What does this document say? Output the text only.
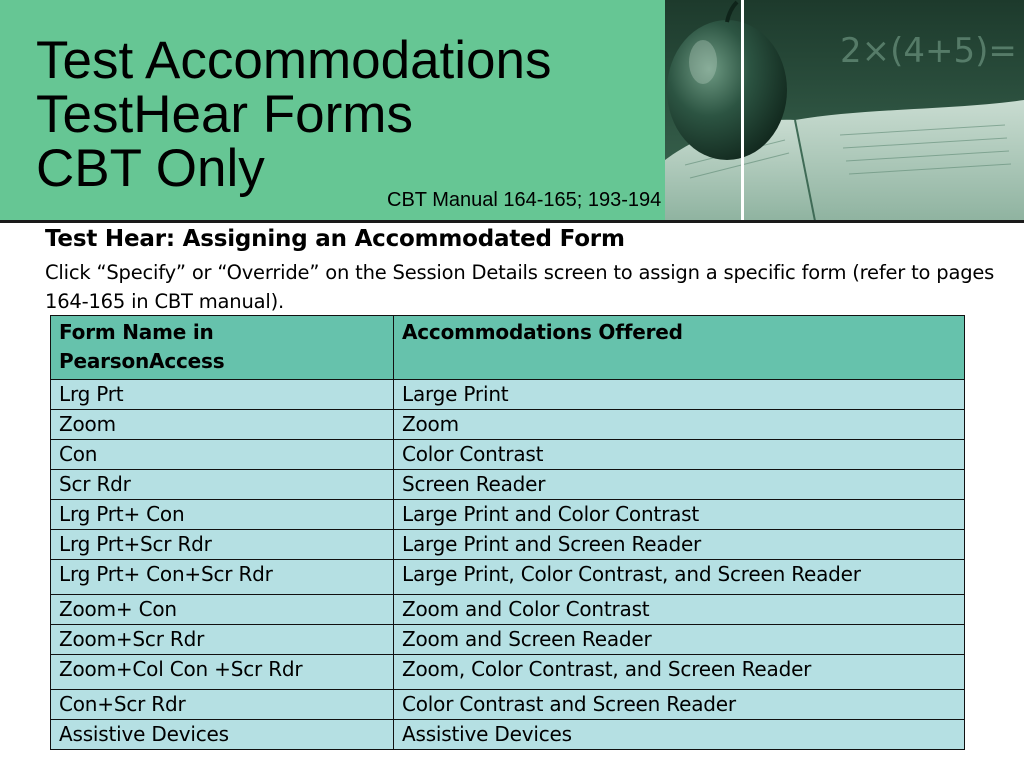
2×(4+5)=
Test Accommodations
TestHear Forms
CBT Only
CBT Manual 164-165; 193-194
Test Hear: Assigning an Accommodated Form

Click “Specify” or “Override” on the Session Details screen to assign a specific form (refer to pages 164-165 in CBT manual).

Form Name in PearsonAccess	Accommodations Offered
Lrg Prt	Large Print
Zoom	Zoom
Con	Color Contrast
Scr Rdr	Screen Reader
Lrg Prt+ Con	Large Print and Color Contrast
Lrg Prt+Scr Rdr	Large Print and Screen Reader
Lrg Prt+ Con+Scr Rdr	Large Print, Color Contrast, and Screen Reader
Zoom+ Con	Zoom and Color Contrast
Zoom+Scr Rdr	Zoom and Screen Reader
Zoom+Col Con +Scr Rdr	Zoom, Color Contrast, and Screen Reader
Con+Scr Rdr	Color Contrast and Screen Reader
Assistive Devices	Assistive Devices
